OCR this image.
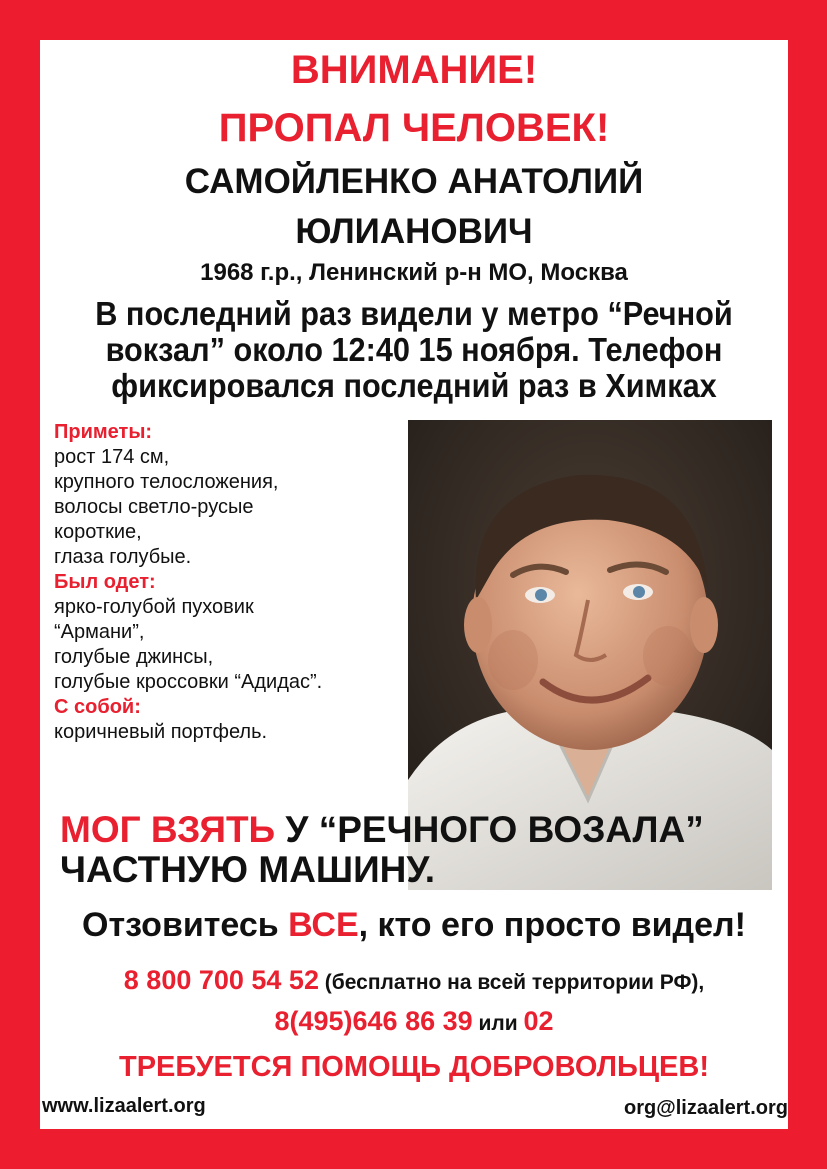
ВНИМАНИЕ!

ПРОПАЛ ЧЕЛОВЕК!

САМОЙЛЕНКО АНАТОЛИЙ

ЮЛИАНОВИЧ

1968 г.р., Ленинский р-н МО, Москва

В последний раз видели у метро “Речной
вокзал” около 12:40 15 ноября. Телефон
фиксировался последний раз в Химках
Приметы:
рост 174 см,
крупного телосложения,
волосы светло-русые
короткие,
глаза голубые.
Был одет:
ярко-голубой пуховик
“Армани”,
голубые джинсы,
голубые кроссовки “Адидас”.
С собой:
коричневый портфель.
МОГ ВЗЯТЬ У “РЕЧНОГО ВОЗАЛА”
ЧАСТНУЮ МАШИНУ.

Отзовитесь ВСЕ, кто его просто видел!

8 800 700 54 52 (бесплатно на всей территории РФ),

8(495)646 86 39 или 02

ТРЕБУЕТСЯ ПОМОЩЬ ДОБРОВОЛЬЦЕВ!

www.lizaalert.org	org@lizaalert.org
